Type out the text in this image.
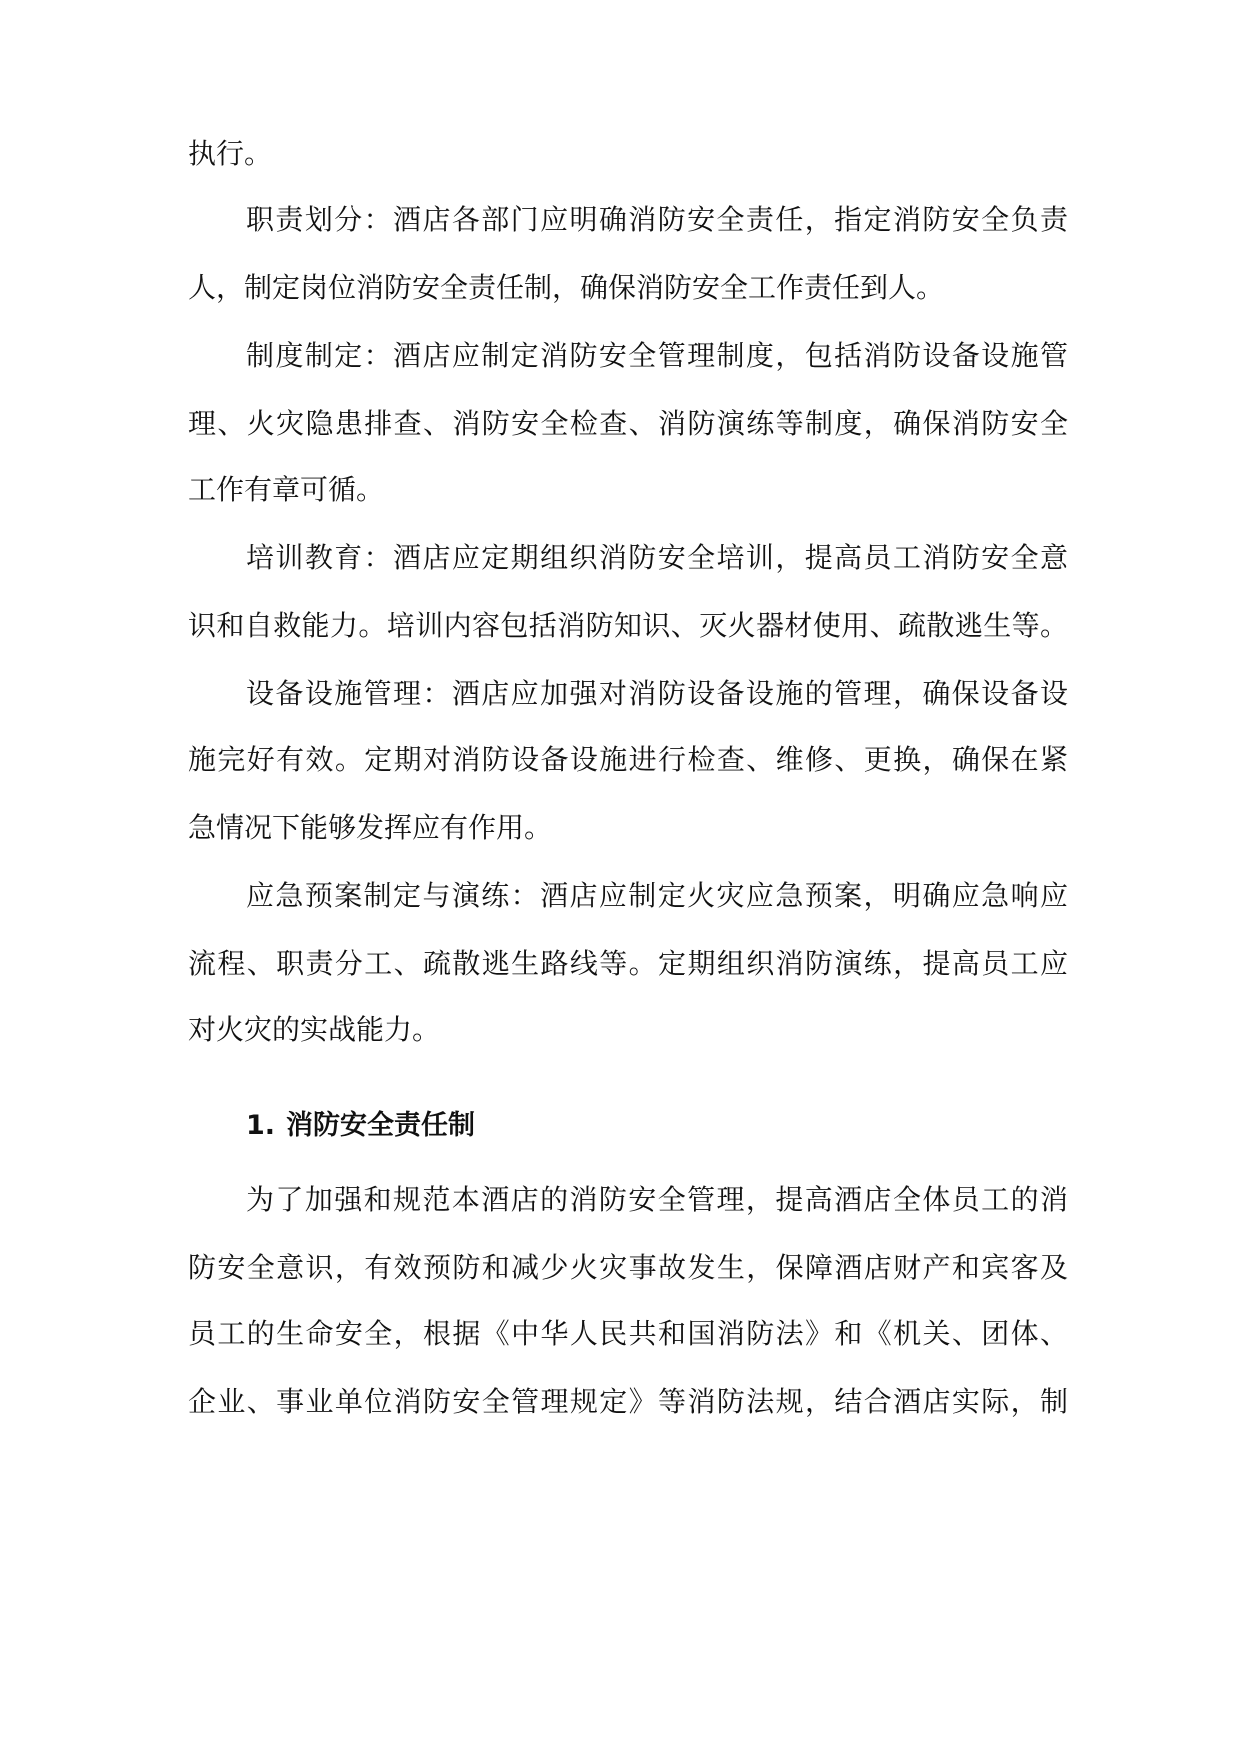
执行。
职责划分：酒店各部门应明确消防安全责任，指定消防安全负责
人，制定岗位消防安全责任制，确保消防安全工作责任到人。
制度制定：酒店应制定消防安全管理制度，包括消防设备设施管
理、火灾隐患排查、消防安全检查、消防演练等制度，确保消防安全
工作有章可循。
培训教育：酒店应定期组织消防安全培训，提高员工消防安全意
识和自救能力。培训内容包括消防知识、灭火器材使用、疏散逃生等。
设备设施管理：酒店应加强对消防设备设施的管理，确保设备设
施完好有效。定期对消防设备设施进行检查、维修、更换，确保在紧
急情况下能够发挥应有作用。
应急预案制定与演练：酒店应制定火灾应急预案，明确应急响应
流程、职责分工、疏散逃生路线等。定期组织消防演练，提高员工应
对火灾的实战能力。
1. 消防安全责任制
为了加强和规范本酒店的消防安全管理，提高酒店全体员工的消
防安全意识，有效预防和减少火灾事故发生，保障酒店财产和宾客及
员工的生命安全，根据《中华人民共和国消防法》和《机关、团体、
企业、事业单位消防安全管理规定》等消防法规，结合酒店实际，制
